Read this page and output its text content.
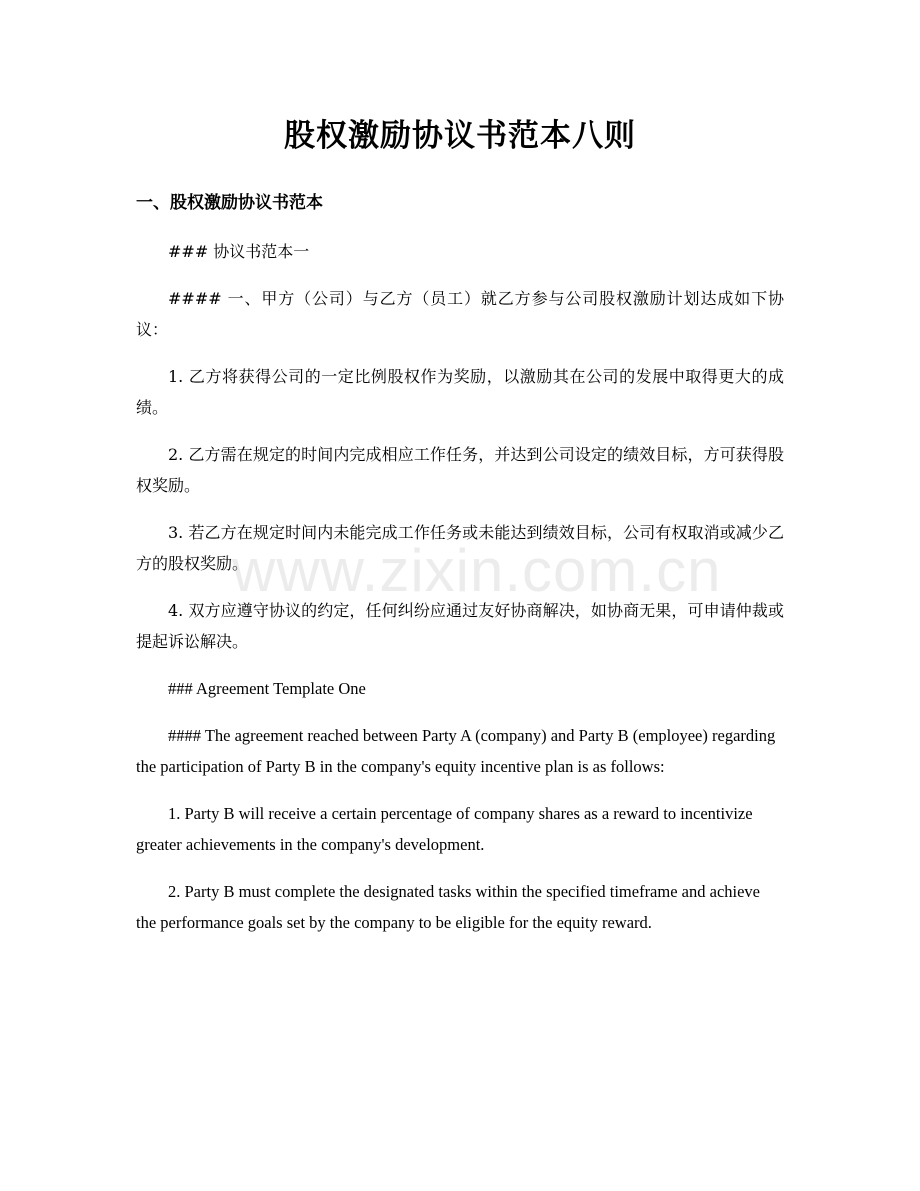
股权激励协议书范本八则
一、股权激励协议书范本

### 协议书范本一

#### 一、甲方（公司）与乙方（员工）就乙方参与公司股权激励计划达成如下协议：

1. 乙方将获得公司的一定比例股权作为奖励，以激励其在公司的发展中取得更大的成绩。

2. 乙方需在规定的时间内完成相应工作任务，并达到公司设定的绩效目标，方可获得股权奖励。

3. 若乙方在规定时间内未能完成工作任务或未能达到绩效目标，公司有权取消或减少乙方的股权奖励。

4. 双方应遵守协议的约定，任何纠纷应通过友好协商解决，如协商无果，可申请仲裁或提起诉讼解决。

### Agreement Template One

#### The agreement reached between Party A (company) and Party B (employee) regarding the participation of Party B in the company's equity incentive plan is as follows:

1. Party B will receive a certain percentage of company shares as a reward to incentivize greater achievements in the company's development.

2. Party B must complete the designated tasks within the specified timeframe and achieve the performance goals set by the company to be eligible for the equity reward.

www.zixin.com.cn
